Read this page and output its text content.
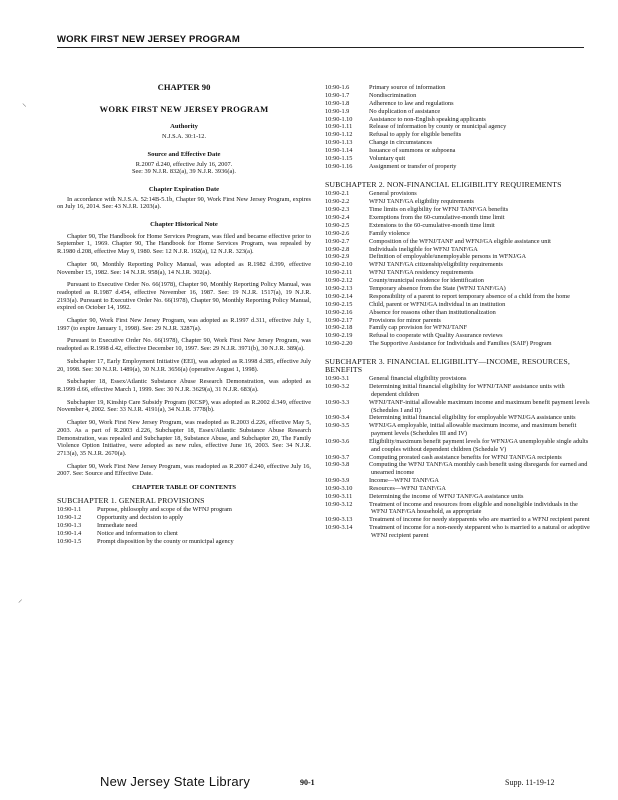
WORK FIRST NEW JERSEY PROGRAM
⸜
⸝
CHAPTER 90
WORK FIRST NEW JERSEY PROGRAM
Authority
N.J.S.A. 30:1-12.
Source and Effective Date
R.2007 d.240, effective July 16, 2007.
See: 39 N.J.R. 832(a), 39 N.J.R. 3936(a).
Chapter Expiration Date
In accordance with N.J.S.A. 52:14B-5.1b, Chapter 90, Work First New Jersey Program, expires on July 16, 2014. See: 43 N.J.R. 1203(a).
Chapter Historical Note
Chapter 90, The Handbook for Home Services Program, was filed and became effective prior to September 1, 1969. Chapter 90, The Handbook for Home Services Program, was repealed by R.1980 d.208, effective May 9, 1980. See: 12 N.J.R. 192(a), 12 N.J.R. 323(a).
Chapter 90, Monthly Reporting Policy Manual, was adopted as R.1982 d.399, effective November 15, 1982. See: 14 N.J.R. 958(a), 14 N.J.R. 302(a).
Pursuant to Executive Order No. 66(1978), Chapter 90, Monthly Reporting Policy Manual, was readopted as R.1987 d.454, effective November 16, 1987. See: 19 N.J.R. 1517(a), 19 N.J.R. 2193(a). Pursuant to Executive Order No. 66(1978), Chapter 90, Monthly Reporting Policy Manual, expired on October 14, 1992.
Chapter 90, Work First New Jersey Program, was adopted as R.1997 d.311, effective July 1, 1997 (to expire January 1, 1998). See: 29 N.J.R. 3287(a).
Pursuant to Executive Order No. 66(1978), Chapter 90, Work First New Jersey Program, was readopted as R.1998 d.42, effective December 10, 1997. See: 29 N.J.R. 3971(b), 30 N.J.R. 389(a).
Subchapter 17, Early Employment Initiative (EEI), was adopted as R.1998 d.385, effective July 20, 1998. See: 30 N.J.R. 1489(a), 30 N.J.R. 3656(a) (operative August 1, 1998).
Subchapter 18, Essex/Atlantic Substance Abuse Research Demonstration, was adopted as R.1999 d.66, effective March 1, 1999. See: 30 N.J.R. 3629(a), 31 N.J.R. 683(a).
Subchapter 19, Kinship Care Subsidy Program (KCSP), was adopted as R.2002 d.349, effective November 4, 2002. See: 33 N.J.R. 4191(a), 34 N.J.R. 3778(b).
Chapter 90, Work First New Jersey Program, was readopted as R.2003 d.226, effective May 5, 2003. As a part of R.2003 d.226, Subchapter 18, Essex/Atlantic Substance Abuse Research Demonstration, was repealed and Subchapter 18, Substance Abuse, and Subchapter 20, The Family Violence Option Initiative, were adopted as new rules, effective June 16, 2003. See: 34 N.J.R. 2713(a), 35 N.J.R. 2670(a).
Chapter 90, Work First New Jersey Program, was readopted as R.2007 d.240, effective July 16, 2007. See: Source and Effective Date.
CHAPTER TABLE OF CONTENTS
SUBCHAPTER 1. GENERAL PROVISIONS
10:90-1.1	Purpose, philosophy and scope of the WFNJ program
10:90-1.2	Opportunity and decision to apply
10:90-1.3	Immediate need
10:90-1.4	Notice and information to client
10:90-1.5	Prompt disposition by the county or municipal agency
10:90-1.6	Primary source of information
10:90-1.7	Nondiscrimination
10:90-1.8	Adherence to law and regulations
10:90-1.9	No duplication of assistance
10:90-1.10	Assistance to non-English speaking applicants
10:90-1.11	Release of information by county or municipal agency
10:90-1.12	Refusal to apply for eligible benefits
10:90-1.13	Change in circumstances
10:90-1.14	Issuance of summons or subpoena
10:90-1.15	Voluntary quit
10:90-1.16	Assignment or transfer of property
SUBCHAPTER 2. NON-FINANCIAL ELIGIBILITY REQUIREMENTS
10:90-2.1	General provisions
10:90-2.2	WFNJ TANF/GA eligibility requirements
10:90-2.3	Time limits on eligibility for WFNJ TANF/GA benefits
10:90-2.4	Exemptions from the 60-cumulative-month time limit
10:90-2.5	Extensions to the 60-cumulative-month time limit
10:90-2.6	Family violence
10:90-2.7	Composition of the WFNJ/TANF and WFNJ/GA eligible assistance unit
10:90-2.8	Individuals ineligible for WFNJ TANF/GA
10:90-2.9	Definition of employable/unemployable persons in WFNJ/GA
10:90-2.10	WFNJ TANF/GA citizenship/eligibility requirements
10:90-2.11	WFNJ TANF/GA residency requirements
10:90-2.12	County/municipal residence for identification
10:90-2.13	Temporary absence from the State (WFNJ TANF/GA)
10:90-2.14	Responsibility of a parent to report temporary absence of a child from the home
10:90-2.15	Child, parent or WFNJ/GA individual in an institution
10:90-2.16	Absence for reasons other than institutionalization
10:90-2.17	Provisions for minor parents
10:90-2.18	Family cap provision for WFNJ/TANF
10:90-2.19	Refusal to cooperate with Quality Assurance reviews
10:90-2.20	The Supportive Assistance for Individuals and Families (SAIF) Program
SUBCHAPTER 3. FINANCIAL ELIGIBILITY—INCOME, RESOURCES, BENEFITS
10:90-3.1	General financial eligibility provisions
10:90-3.2	Determining initial financial eligibility for WFNJ/TANF assistance units with dependent children
10:90-3.3	WFNJ/TANF-initial allowable maximum income and maximum benefit payment levels (Schedules I and II)
10:90-3.4	Determining initial financial eligibility for employable WFNJ/GA assistance units
10:90-3.5	WFNJ/GA employable, initial allowable maximum income, and maximum benefit payment levels (Schedules III and IV)
10:90-3.6	Eligibility/maximum benefit payment levels for WFNJ/GA unemployable single adults and couples without dependent children (Schedule V)
10:90-3.7	Computing prorated cash assistance benefits for WFNJ TANF/GA recipients
10:90-3.8	Computing the WFNJ TANF/GA monthly cash benefit using disregards for earned and unearned income
10:90-3.9	Income—WFNJ TANF/GA
10:90-3.10	Resources—WFNJ TANF/GA
10:90-3.11	Determining the income of WFNJ TANF/GA assistance units
10:90-3.12	Treatment of income and resources from eligible and noneligible individuals in the WFNJ TANF/GA household, as appropriate
10:90-3.13	Treatment of income for needy stepparents who are married to a WFNJ recipient parent
10:90-3.14	Treatment of income for a non-needy stepparent who is married to a natural or adoptive WFNJ recipient parent
New Jersey State Library	90-1	Supp. 11-19-12
